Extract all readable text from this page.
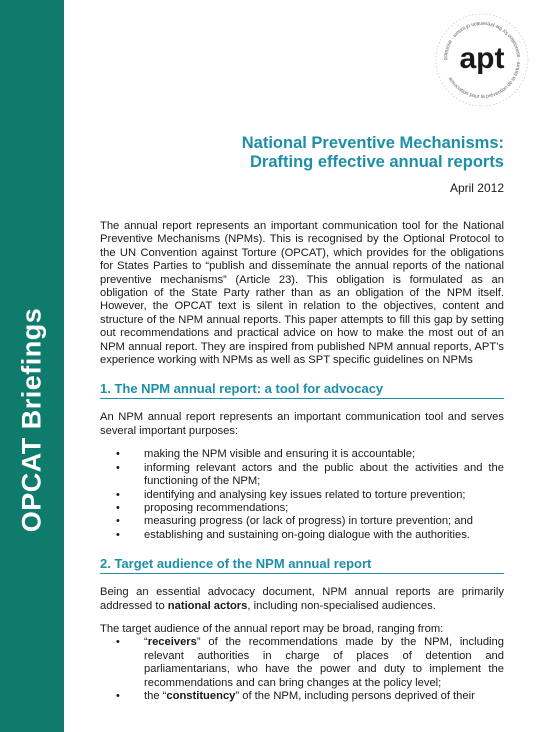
OPCAT Briefings
association pour la prévention de la torture · association for the prevention of torture · asociació apt
National Preventive Mechanisms:
Drafting effective annual reports
April 2012

The annual report represents an important communication tool for the National Preventive Mechanisms (NPMs). This is recognised by the Optional Protocol to the UN Convention against Torture (OPCAT), which provides for the obligations for States Parties to “publish and disseminate the annual reports of the national preventive mechanisms” (Article 23). This obligation is formulated as an obligation of the State Party rather than as an obligation of the NPM itself. However, the OPCAT text is silent in relation to the objectives, content and structure of the NPM annual reports. This paper attempts to fill this gap by setting out recommendations and practical advice on how to make the most out of an NPM annual report. They are inspired from published NPM annual reports, APT’s experience working with NPMs as well as SPT specific guidelines on NPMs

1. The NPM annual report: a tool for advocacy

An NPM annual report represents an important communication tool and serves several important purposes:

• making the NPM visible and ensuring it is accountable;
• informing relevant actors and the public about the activities and the functioning of the NPM;
• identifying and analysing key issues related to torture prevention;
• proposing recommendations;
• measuring progress (or lack of progress) in torture prevention; and
• establishing and sustaining on-going dialogue with the authorities.
2. Target audience of the NPM annual report

Being an essential advocacy document, NPM annual reports are primarily addressed to national actors, including non-specialised audiences.

The target audience of the annual report may be broad, ranging from:

• “receivers” of the recommendations made by the NPM, including relevant authorities in charge of places of detention and parliamentarians, who have the power and duty to implement the recommendations and can bring changes at the policy level;
• the “constituency” of the NPM, including persons deprived of their
